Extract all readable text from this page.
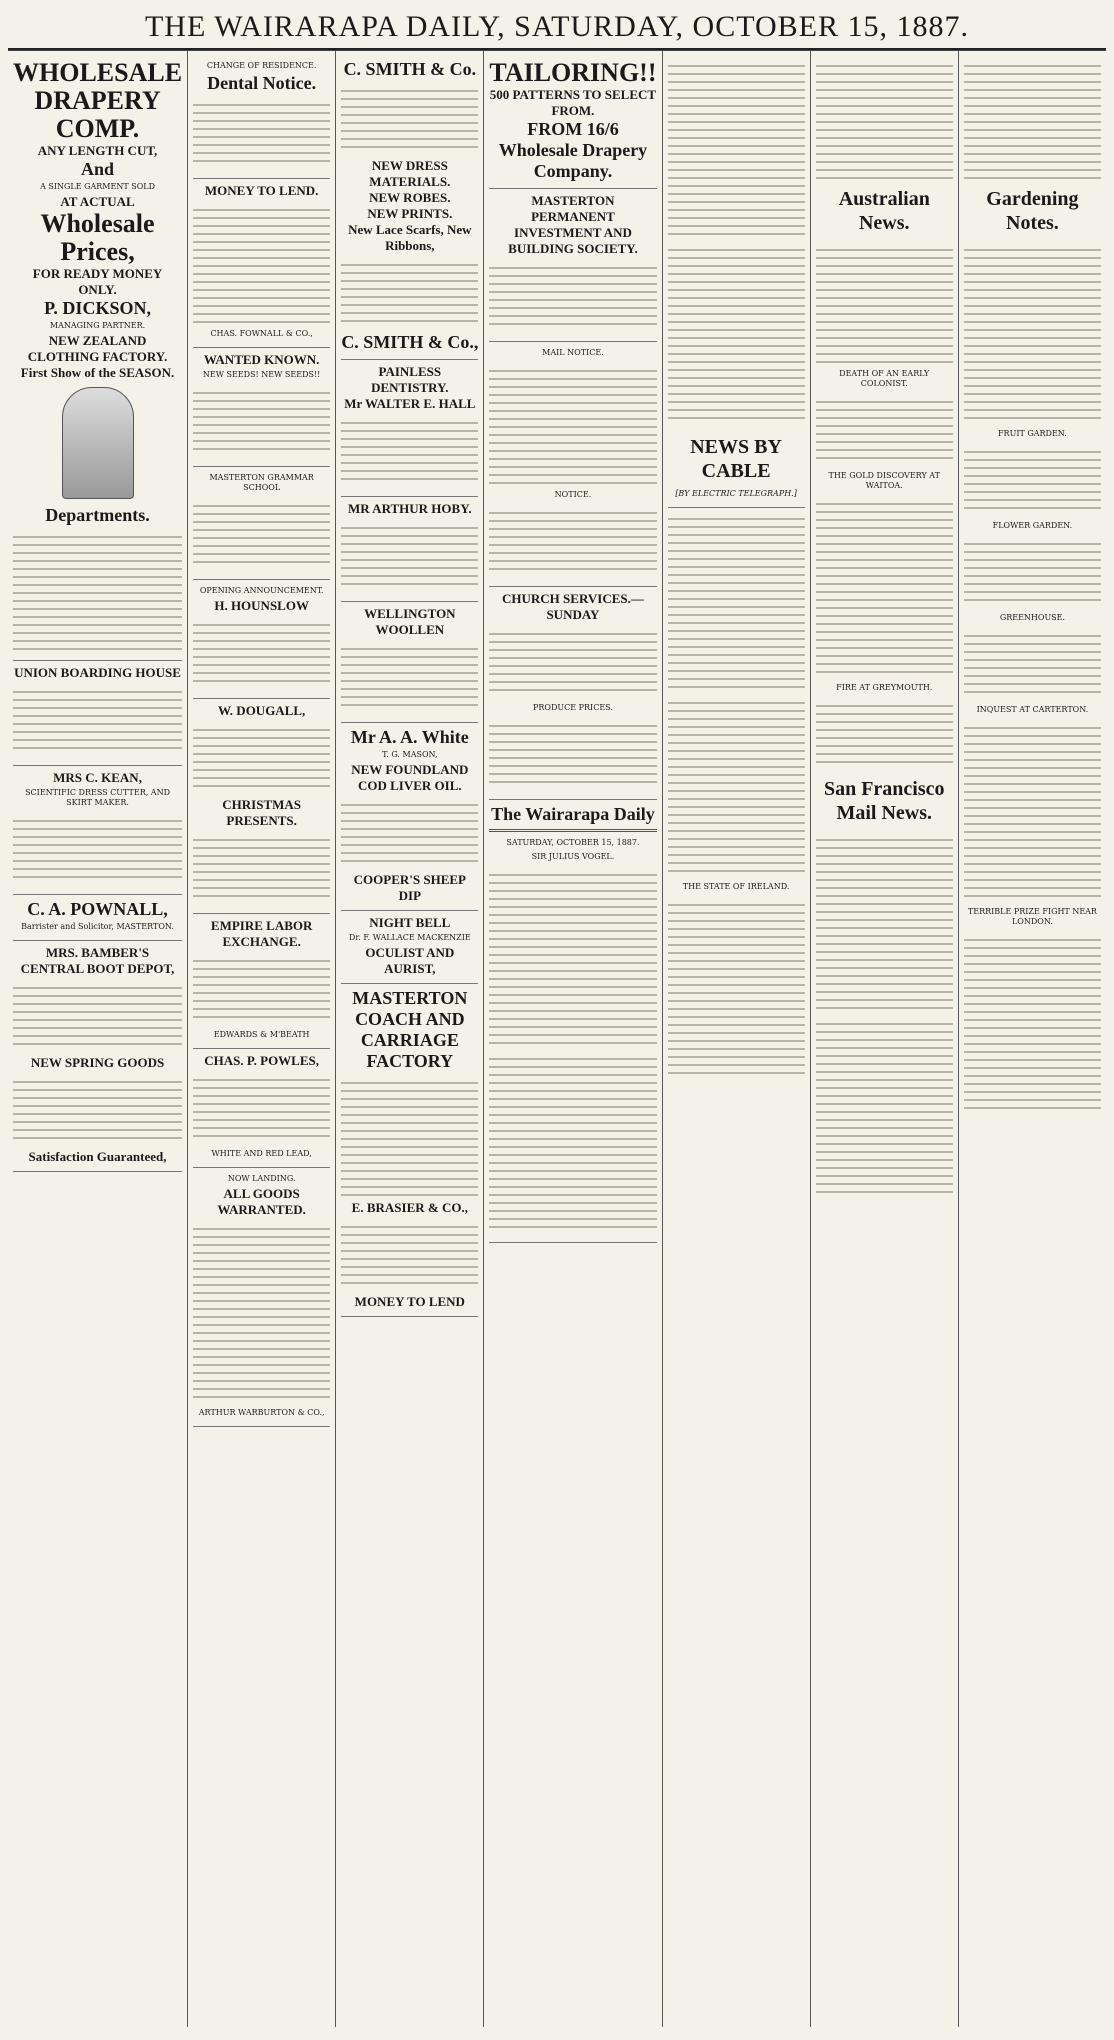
THE WAIRARAPA DAILY, SATURDAY, OCTOBER 15, 1887.
WHOLESALE
DRAPERY
COMP.
ANY LENGTH CUT,
And
A SINGLE GARMENT SOLD
AT ACTUAL
Wholesale
Prices,
FOR READY MONEY ONLY.
P. DICKSON,
MANAGING PARTNER.
NEW ZEALAND CLOTHING FACTORY.
First Show of the SEASON.
Departments.
UNION BOARDING HOUSE
MRS C. KEAN,
SCIENTIFIC DRESS CUTTER, AND SKIRT MAKER.
C. A. POWNALL,
Barrister and Solicitor, MASTERTON.
MRS. BAMBER'S CENTRAL BOOT DEPOT,
NEW SPRING GOODS
Satisfaction Guaranteed,
CHANGE OF RESIDENCE.
Dental Notice.
MONEY TO LEND.
CHAS. FOWNALL & CO.,
WANTED KNOWN.
NEW SEEDS! NEW SEEDS!!
MASTERTON GRAMMAR SCHOOL
OPENING ANNOUNCEMENT.
H. HOUNSLOW
W. DOUGALL,
CHRISTMAS PRESENTS.
EMPIRE LABOR EXCHANGE.
EDWARDS & M'BEATH
CHAS. P. POWLES,
WHITE AND RED LEAD,
NOW LANDING.
ALL GOODS WARRANTED.
ARTHUR WARBURTON & CO.,
C. SMITH & Co.
NEW DRESS MATERIALS.
NEW ROBES.
NEW PRINTS.
New Lace Scarfs, New Ribbons,
C. SMITH & Co.,
PAINLESS DENTISTRY.
Mr WALTER E. HALL
MR ARTHUR HOBY.
WELLINGTON WOOLLEN
Mr A. A. White
T. G. MASON,
NEW FOUNDLAND COD LIVER OIL.
COOPER'S SHEEP DIP
NIGHT BELL
Dr. F. WALLACE MACKENZIE
OCULIST AND AURIST,
MASTERTON COACH AND CARRIAGE FACTORY
E. BRASIER & CO.,
MONEY TO LEND
TAILORING!!
500 PATTERNS TO SELECT FROM.
FROM 16/6
Wholesale Drapery Company.
MASTERTON PERMANENT INVESTMENT AND BUILDING SOCIETY.
MAIL NOTICE.
NOTICE.
CHURCH SERVICES.—SUNDAY
PRODUCE PRICES.
The Wairarapa Daily
SATURDAY, OCTOBER 15, 1887.
SIR JULIUS VOGEL.
NEWS BY CABLE
[BY ELECTRIC TELEGRAPH.]
THE STATE OF IRELAND.
Australian News.
DEATH OF AN EARLY COLONIST.
THE GOLD DISCOVERY AT WAITOA.
FIRE AT GREYMOUTH.
San Francisco Mail News.
Gardening Notes.
FRUIT GARDEN.
FLOWER GARDEN.
GREENHOUSE.
INQUEST AT CARTERTON.
TERRIBLE PRIZE FIGHT NEAR LONDON.
